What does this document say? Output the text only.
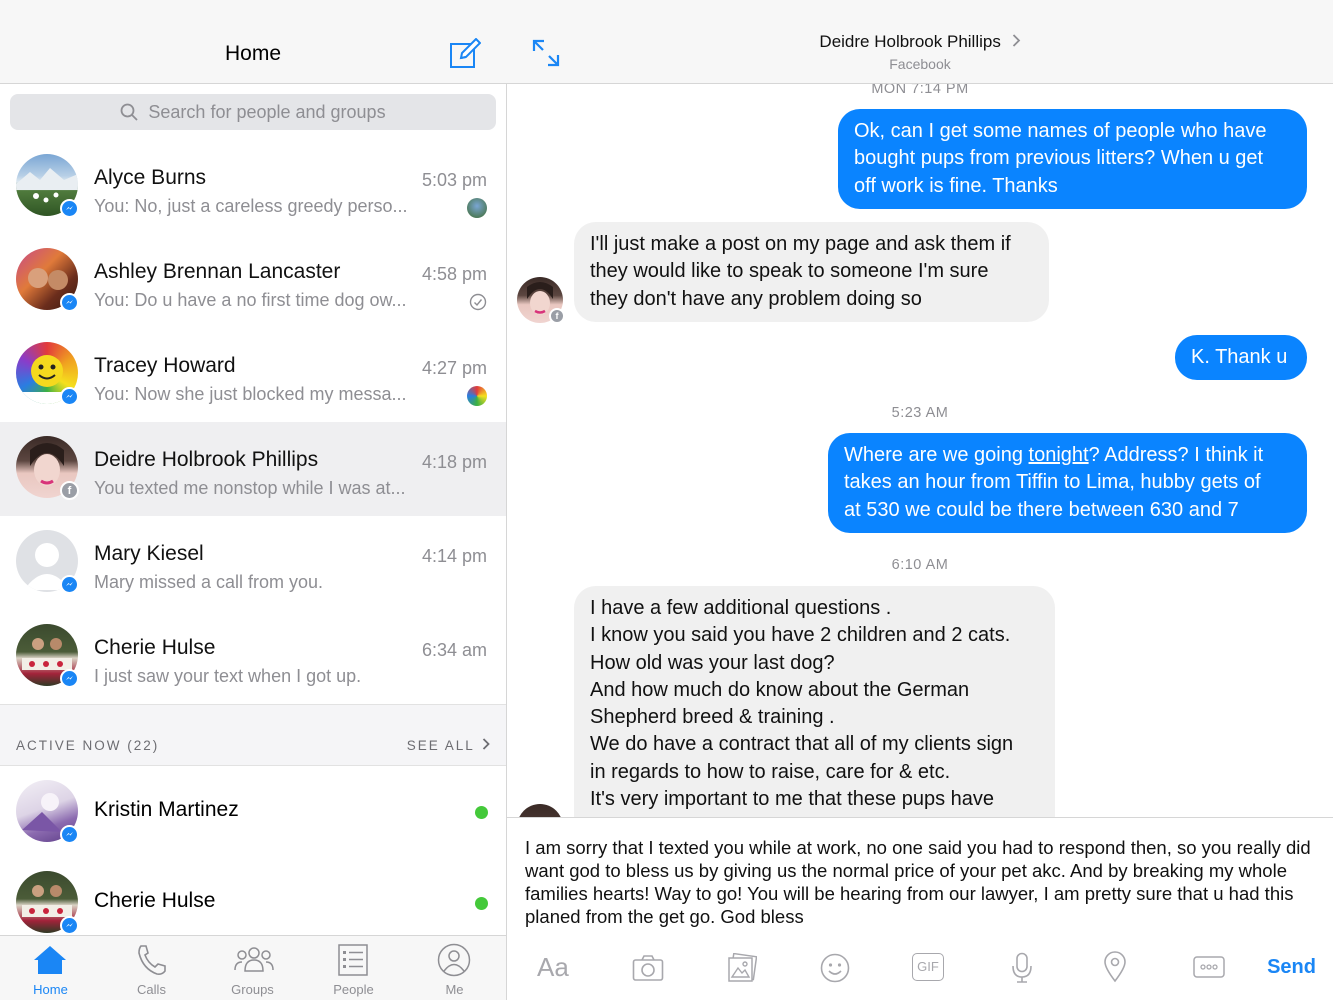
Home
Search for people and groups
Alyce Burns	5:03 pm
You: No, just a careless greedy perso...
Ashley Brennan Lancaster	4:58 pm
You: Do u have a no first time dog ow...
Tracey Howard	4:27 pm
You: Now she just blocked my messa...
f
Deidre Holbrook Phillips	4:18 pm
You texted me nonstop while I was at...
Mary Kiesel	4:14 pm
Mary missed a call from you.
Cherie Hulse	6:34 am
I just saw your text when I got up.
ACTIVE NOW (22)	SEE ALL
Kristin Martinez
Cherie Hulse
Home	Calls	Groups	People	Me
Deidre Holbrook Phillips
Facebook
MON 7:14 PM
Ok, can I get some names of people who have
bought pups from previous litters? When u get
off work is fine. Thanks
f
I'll just make a post on my page and ask them if
they would like to speak to someone I'm sure
they don't have any problem doing so
K. Thank u
5:23 AM
Where are we going tonight? Address? I think it
takes an hour from Tiffin to Lima, hubby gets of
at 530 we could be there between 630 and 7
6:10 AM
I have a few additional questions .
I know you said you have 2 children and 2 cats.
How old was your last dog?
And how much do know about the German
Shepherd breed & training .
We do have a contract that all of my clients sign
in regards to how to raise, care for & etc.
It's very important to me that these pups have
I am sorry that I texted you while at work, no one said you had to respond then, so you really did want god to bless us by giving us the normal price of your pet akc. And by breaking my whole families hearts! Way to go! You will be hearing from our lawyer, I am pretty sure that u had this planed from the get go. God bless
Aa	GIF	Send
